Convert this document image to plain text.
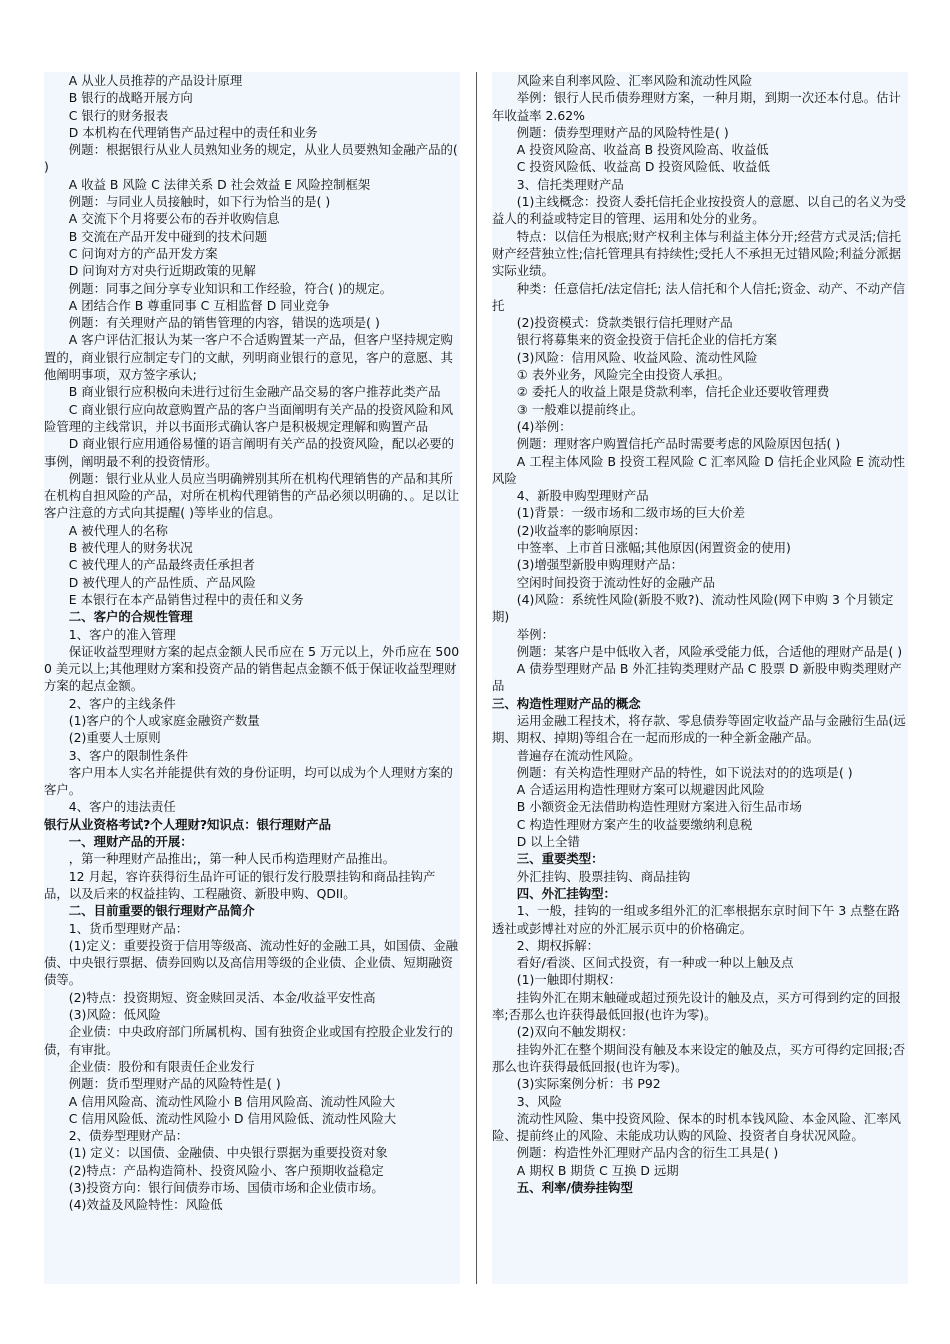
A 从业人员推荐的产品设计原理
B 银行的战略开展方向
C 银行的财务报表
D 本机构在代理销售产品过程中的责任和业务
例题：根据银行从业人员熟知业务的规定，从业人员要熟知金融产品的( )
A 收益 B 风险 C 法律关系 D 社会效益 E 风险控制框架
例题：与同业人员接触时，如下行为恰当的是( )
A 交流下个月将要公布的吞并收购信息
B 交流在产品开发中碰到的技术问题
C 问询对方的产品开发方案
D 问询对方对央行近期政策的见解
例题：同事之间分享专业知识和工作经验，符合( )的规定。
A 团结合作 B 尊重同事 C 互相监督 D 同业竞争
例题：有关理财产品的销售管理的内容，错误的选项是( )
A 客户评估汇报认为某一客户不合适购置某一产品，但客户坚持规定购置的，商业银行应制定专门的文献，列明商业银行的意见，客户的意愿、其他阐明事项，双方签字承认;
B 商业银行应积极向未进行过衍生金融产品交易的客户推荐此类产品
C 商业银行应向故意购置产品的客户当面阐明有关产品的投资风险和风险管理的主线常识，并以书面形式确认客户是积极规定理解和购置产品
D 商业银行应用通俗易懂的语言阐明有关产品的投资风险，配以必要的事例，阐明最不利的投资情形。
例题：银行业从业人员应当明确辨别其所在机构代理销售的产品和其所在机构自担风险的产品，对所在机构代理销售的产品必须以明确的、。足以让客户注意的方式向其提醒( )等毕业的信息。
A 被代理人的名称
B 被代理人的财务状况
C 被代理人的产品最终责任承担者
D 被代理人的产品性质、产品风险
E 本银行在本产品销售过程中的责任和义务
二、客户的合规性管理
1、客户的准入管理
保证收益型理财方案的起点金额人民币应在 5 万元以上，外币应在 5000 美元以上;其他理财方案和投资产品的销售起点金额不低于保证收益型理财方案的起点金额。
2、客户的主线条件
(1)客户的个人或家庭金融资产数量
(2)重要人士原则
3、客户的限制性条件
客户用本人实名并能提供有效的身份证明，均可以成为个人理财方案的客户。
4、客户的违法责任
银行从业资格考试?个人理财?知识点：银行理财产品
一、理财产品的开展：
，第一种理财产品推出;，第一种人民币构造理财产品推出。
12 月起，容许获得衍生品许可证的银行发行股票挂钩和商品挂钩产品，以及后来的权益挂钩、工程融资、新股申购、QDII。
二、目前重要的银行理财产品简介
1、货币型理财产品：
(1)定义：重要投资于信用等级高、流动性好的金融工具，如国债、金融债、中央银行票据、债券回购以及高信用等级的企业债、企业债、短期融资债等。
(2)特点：投资期短、资金赎回灵活、本金/收益平安性高
(3)风险：低风险
企业债：中央政府部门所属机构、国有独资企业或国有控股企业发行的债，有审批。
企业债：股份和有限责任企业发行
例题：货币型理财产品的风险特性是( )
A 信用风险高、流动性风险小 B 信用风险高、流动性风险大
C 信用风险低、流动性风险小 D 信用风险低、流动性风险大
2、债券型理财产品：
(1) 定义：以国债、金融债、中央银行票据为重要投资对象
(2)特点：产品构造简朴、投资风险小、客户预期收益稳定
(3)投资方向：银行间债券市场、国债市场和企业债市场。
(4)效益及风险特性：风险低
风险来自利率风险、汇率风险和流动性风险
举例：银行人民币债券理财方案，一种月期，到期一次还本付息。估计年收益率 2.62%
例题：债券型理财产品的风险特性是( )
A 投资风险高、收益高 B 投资风险高、收益低
C 投资风险低、收益高 D 投资风险低、收益低
3、信托类理财产品
(1)主线概念：投资人委托信托企业按投资人的意愿、以自己的名义为受益人的利益或特定目的管理、运用和处分的业务。
特点：以信任为根底;财产权利主体与利益主体分开;经营方式灵活;信托财产经营独立性;信托管理具有持续性;受托人不承担无过错风险;利益分派据实际业绩。
种类：任意信托/法定信托; 法人信托和个人信托;资金、动产、不动产信托
(2)投资模式：贷款类银行信托理财产品
银行将募集来的资金投资于信托企业的信托方案
(3)风险：信用风险、收益风险、流动性风险
① 表外业务，风险完全由投资人承担。
② 委托人的收益上限是贷款利率，信托企业还要收管理费
③ 一般难以提前终止。
(4)举例：
例题：理财客户购置信托产品时需要考虑的风险原因包括( )
A 工程主体风险 B 投资工程风险 C 汇率风险 D 信托企业风险 E 流动性风险
4、新股申购型理财产品
(1)背景：一级市场和二级市场的巨大价差
(2)收益率的影响原因：
中签率、上市首日涨幅;其他原因(闲置资金的使用)
(3)增强型新股申购理财产品：
空闲时间投资于流动性好的金融产品
(4)风险：系统性风险(新股不败?)、流动性风险(网下申购 3 个月锁定期)
举例：
例题：某客户是中低收入者，风险承受能力低，合适他的理财产品是( )
A 债券型理财产品 B 外汇挂钩类理财产品 C 股票 D 新股申购类理财产品
三、构造性理财产品的概念
运用金融工程技术，将存款、零息债券等固定收益产品与金融衍生品(远期、期权、掉期)等组合在一起而形成的一种全新金融产品。
普遍存在流动性风险。
例题：有关构造性理财产品的特性，如下说法对的的选项是( )
A 合适运用构造性理财方案可以规避因此风险
B 小额资金无法借助构造性理财方案进入衍生品市场
C 构造性理财方案产生的收益要缴纳利息税
D 以上全错
三、重要类型：
外汇挂钩、股票挂钩、商品挂钩
四、外汇挂钩型：
1、一般，挂钩的一组或多组外汇的汇率根据东京时间下午 3 点整在路透社或彭博社对应的外汇展示页中的价格确定。
2、期权拆解：
看好/看淡、区间式投资，有一种或一种以上触及点
(1)一触即付期权：
挂钩外汇在期末触碰或超过预先设计的触及点，买方可得到约定的回报率;否那么也许获得最低回报(也许为零)。
(2)双向不触发期权：
挂钩外汇在整个期间没有触及本来设定的触及点，买方可得约定回报;否那么也许获得最低回报(也许为零)。
(3)实际案例分析：书 P92
3、风险
流动性风险、集中投资风险、保本的时机本钱风险、本金风险、汇率风险、提前终止的风险、未能成功认购的风险、投资者自身状况风险。
例题：构造性外汇理财产品内含的衍生工具是( )
A 期权 B 期货 C 互换 D 远期
五、利率/债券挂钩型
